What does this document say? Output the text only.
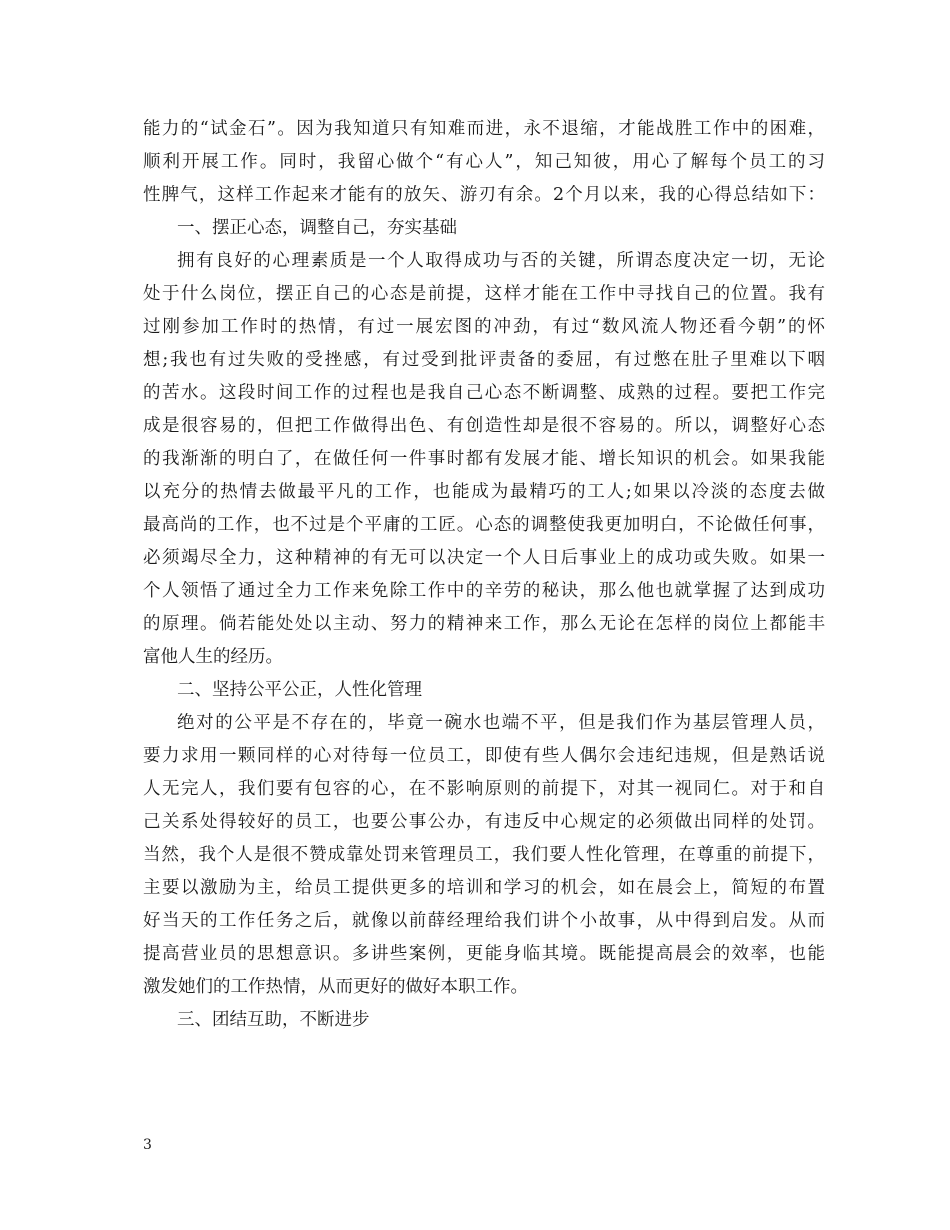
能力的“试金石”。因为我知道只有知难而进，永不退缩，才能战胜工作中的困难，
顺利开展工作。同时，我留心做个“有心人”，知己知彼，用心了解每个员工的习
性脾气，这样工作起来才能有的放矢、游刃有余。2个月以来，我的心得总结如下：
一、摆正心态，调整自己，夯实基础
拥有良好的心理素质是一个人取得成功与否的关键，所谓态度决定一切，无论
处于什么岗位，摆正自己的心态是前提，这样才能在工作中寻找自己的位置。我有
过刚参加工作时的热情，有过一展宏图的冲劲，有过“数风流人物还看今朝”的怀
想;我也有过失败的受挫感，有过受到批评责备的委屈，有过憋在肚子里难以下咽
的苦水。这段时间工作的过程也是我自己心态不断调整、成熟的过程。要把工作完
成是很容易的，但把工作做得出色、有创造性却是很不容易的。所以，调整好心态
的我渐渐的明白了，在做任何一件事时都有发展才能、增长知识的机会。如果我能
以充分的热情去做最平凡的工作，也能成为最精巧的工人;如果以冷淡的态度去做
最高尚的工作，也不过是个平庸的工匠。心态的调整使我更加明白，不论做任何事，
必须竭尽全力，这种精神的有无可以决定一个人日后事业上的成功或失败。如果一
个人领悟了通过全力工作来免除工作中的辛劳的秘诀，那么他也就掌握了达到成功
的原理。倘若能处处以主动、努力的精神来工作，那么无论在怎样的岗位上都能丰
富他人生的经历。
二、坚持公平公正，人性化管理
绝对的公平是不存在的，毕竟一碗水也端不平，但是我们作为基层管理人员，
要力求用一颗同样的心对待每一位员工，即使有些人偶尔会违纪违规，但是熟话说
人无完人，我们要有包容的心，在不影响原则的前提下，对其一视同仁。对于和自
己关系处得较好的员工，也要公事公办，有违反中心规定的必须做出同样的处罚。
当然，我个人是很不赞成靠处罚来管理员工，我们要人性化管理，在尊重的前提下，
主要以激励为主，给员工提供更多的培训和学习的机会，如在晨会上，简短的布置
好当天的工作任务之后，就像以前薛经理给我们讲个小故事，从中得到启发。从而
提高营业员的思想意识。多讲些案例，更能身临其境。既能提高晨会的效率，也能
激发她们的工作热情，从而更好的做好本职工作。
三、团结互助，不断进步
3
